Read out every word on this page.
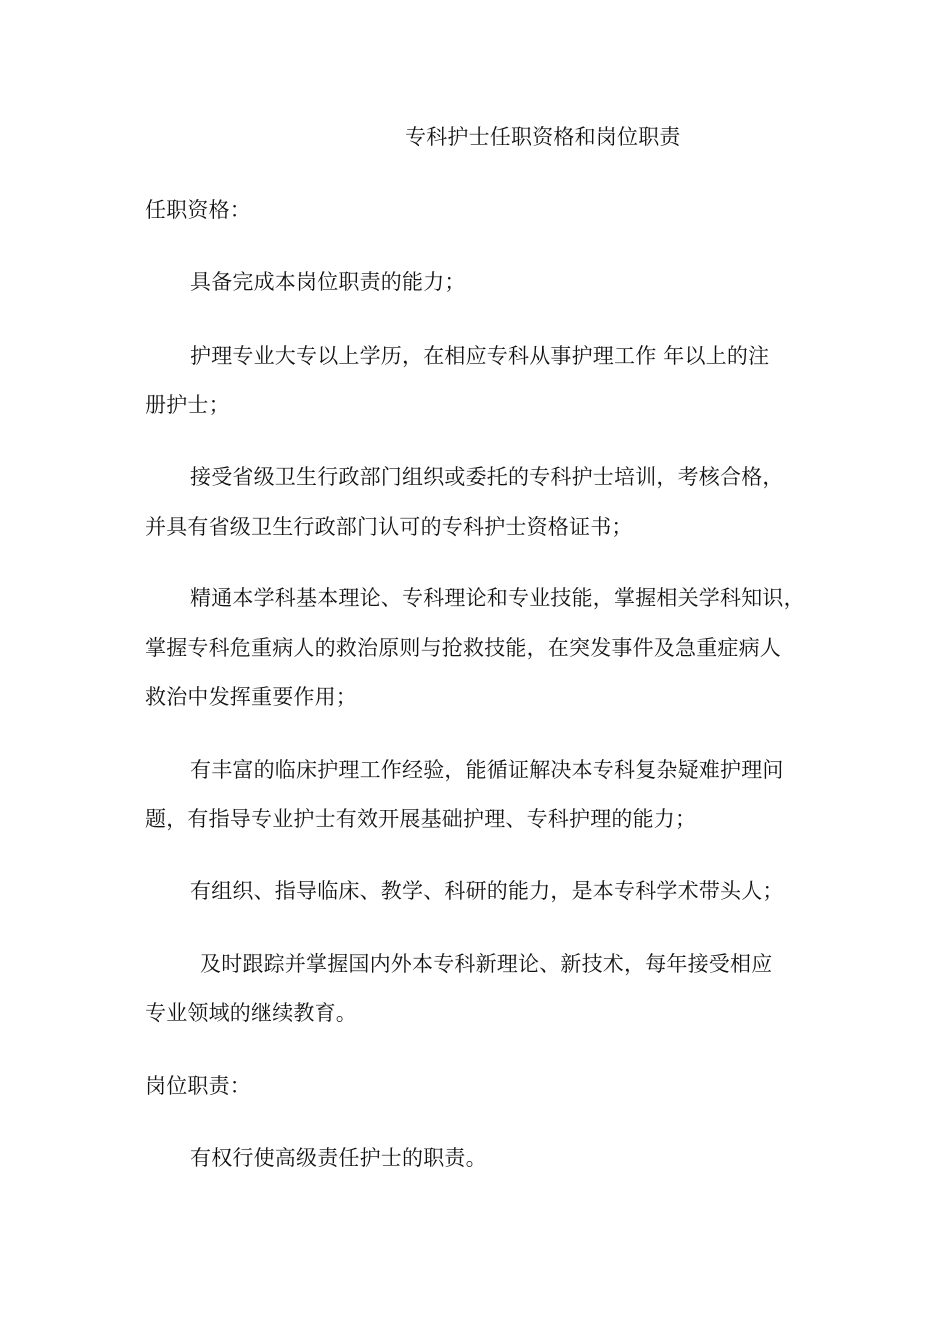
专科护士任职资格和岗位职责
任职资格：
具备完成本岗位职责的能力；
护理专业大专以上学历，在相应专科从事护理工作 年以上的注
册护士；
接受省级卫生行政部门组织或委托的专科护士培训，考核合格，
并具有省级卫生行政部门认可的专科护士资格证书；
精通本学科基本理论、专科理论和专业技能，掌握相关学科知识，
掌握专科危重病人的救治原则与抢救技能，在突发事件及急重症病人
救治中发挥重要作用；
有丰富的临床护理工作经验，能循证解决本专科复杂疑难护理问
题，有指导专业护士有效开展基础护理、专科护理的能力；
有组织、指导临床、教学、科研的能力，是本专科学术带头人；
及时跟踪并掌握国内外本专科新理论、新技术，每年接受相应
专业领域的继续教育。
岗位职责：
有权行使高级责任护士的职责。
